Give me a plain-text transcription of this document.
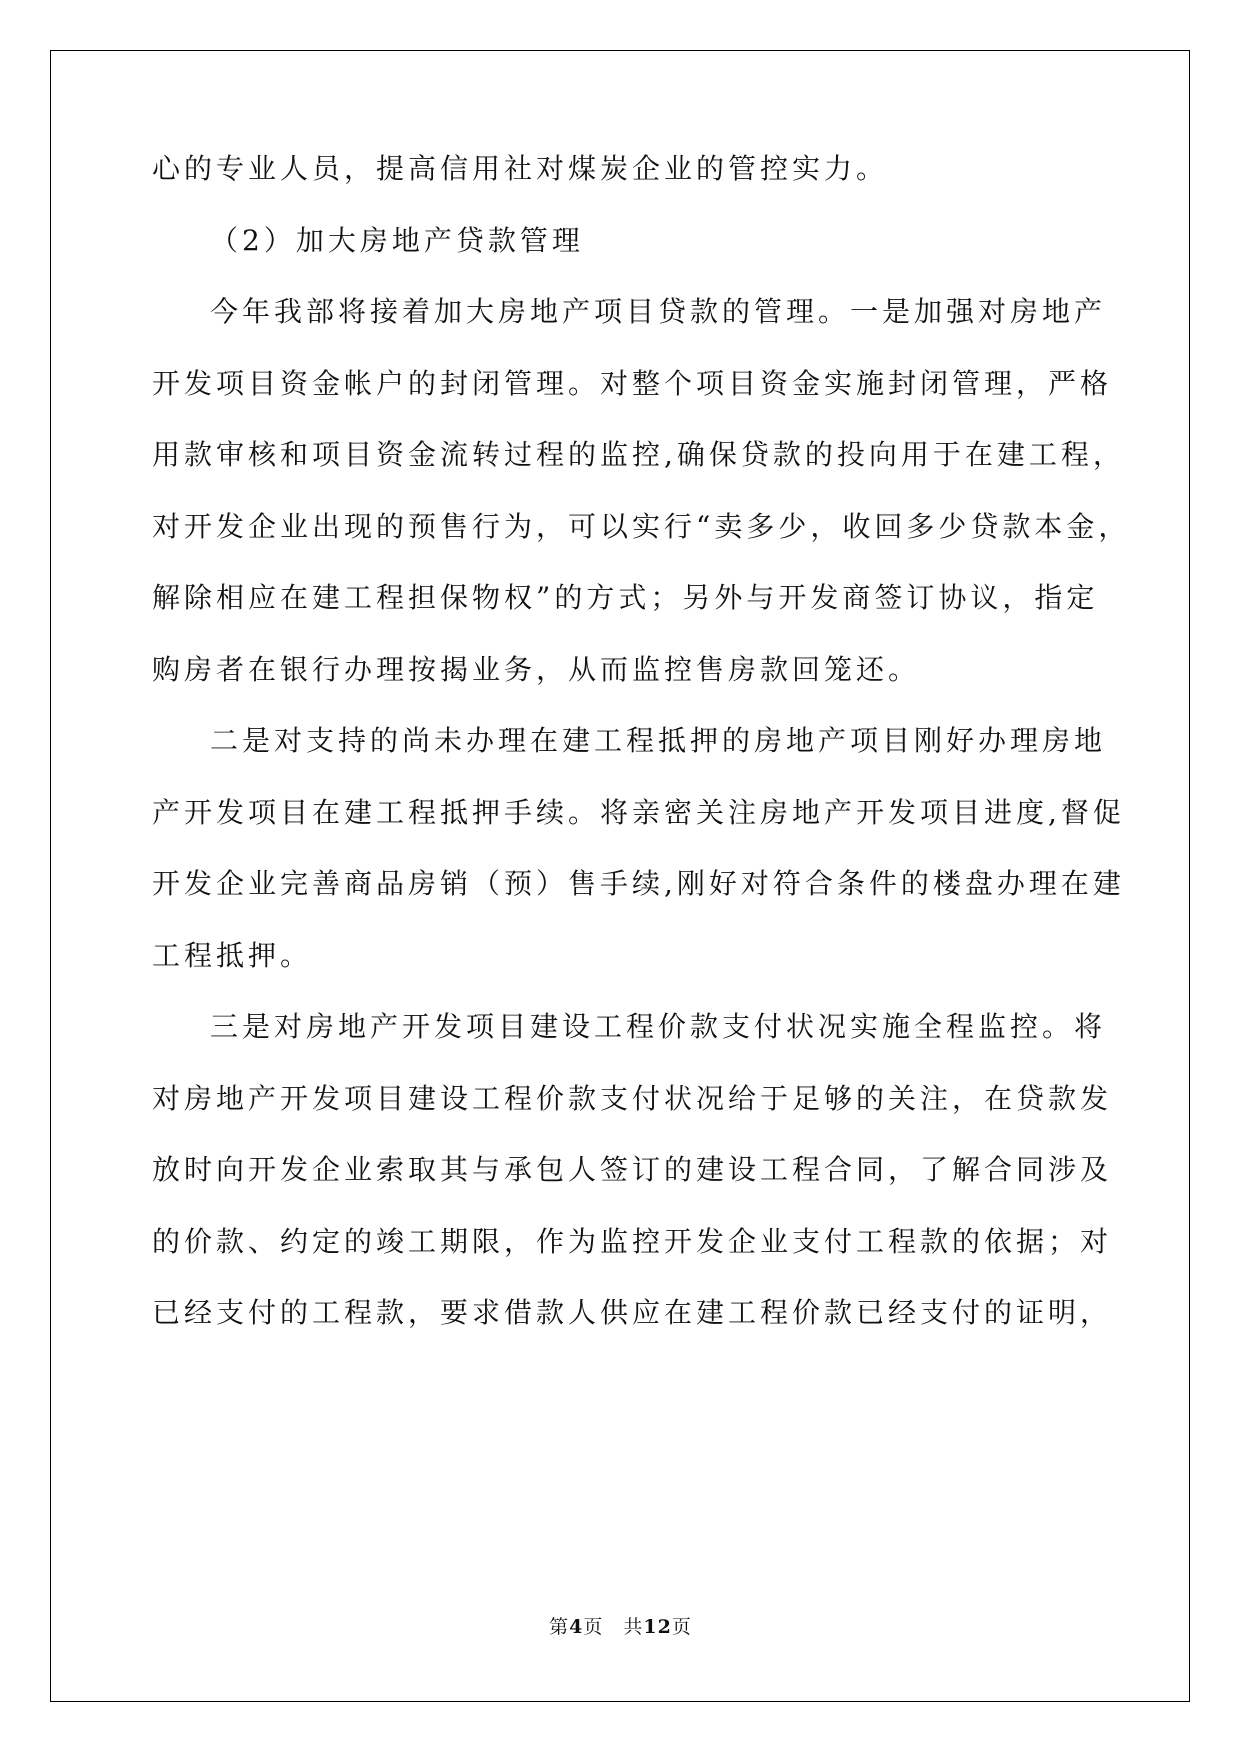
心的专业人员，提高信用社对煤炭企业的管控实力。
（2）加大房地产贷款管理
今年我部将接着加大房地产项目贷款的管理。一是加强对房地产
开发项目资金帐户的封闭管理。对整个项目资金实施封闭管理，严格
用款审核和项目资金流转过程的监控,确保贷款的投向用于在建工程，
对开发企业出现的预售行为，可以实行“卖多少，收回多少贷款本金，
解除相应在建工程担保物权”的方式；另外与开发商签订协议，指定
购房者在银行办理按揭业务，从而监控售房款回笼还。
二是对支持的尚未办理在建工程抵押的房地产项目刚好办理房地
产开发项目在建工程抵押手续。将亲密关注房地产开发项目进度,督促
开发企业完善商品房销（预）售手续,刚好对符合条件的楼盘办理在建
工程抵押。
三是对房地产开发项目建设工程价款支付状况实施全程监控。将
对房地产开发项目建设工程价款支付状况给于足够的关注，在贷款发
放时向开发企业索取其与承包人签订的建设工程合同，了解合同涉及
的价款、约定的竣工期限，作为监控开发企业支付工程款的依据；对
已经支付的工程款，要求借款人供应在建工程价款已经支付的证明，
第4页　共12页
